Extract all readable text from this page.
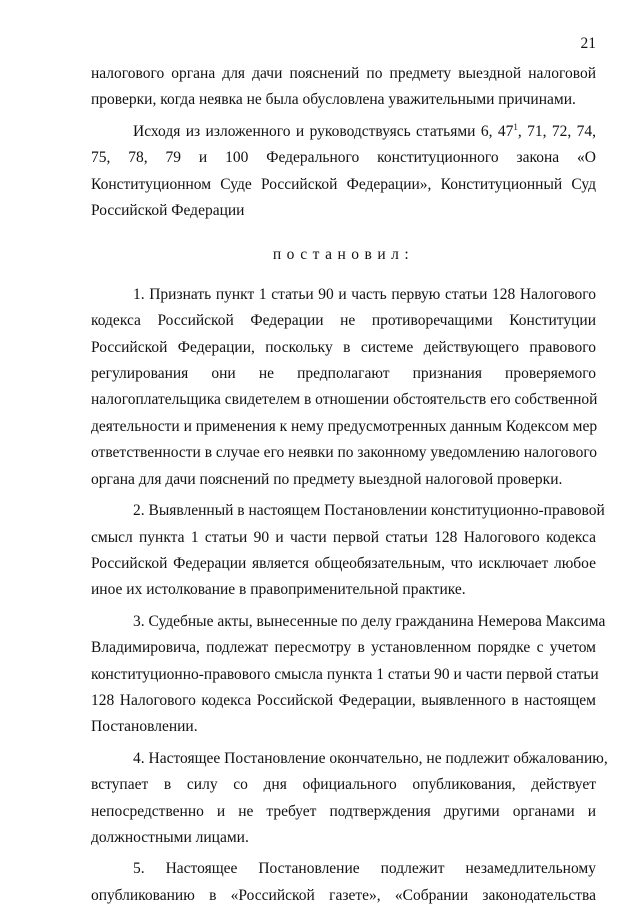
21

налогового органа для дачи пояснений по предмету выездной налоговой
проверки, когда неявка не была обусловлена уважительными причинами.

Исходя из изложенного и руководствуясь статьями 6, $47^1$, 71, 72, 74,
75, 78, 79 и 100 Федерального конституционного закона «О
Конституционном Суде Российской Федерации», Конституционный Суд
Российской Федерации

постановил:

1. Признать пункт 1 статьи 90 и часть первую статьи 128 Налогового
кодекса Российской Федерации не противоречащими Конституции
Российской Федерации, поскольку в системе действующего правового
регулирования они не предполагают признания проверяемого
налогоплательщика свидетелем в отношении обстоятельств его собственной
деятельности и применения к нему предусмотренных данным Кодексом мер
ответственности в случае его неявки по законному уведомлению налогового
органа для дачи пояснений по предмету выездной налоговой проверки.

2. Выявленный в настоящем Постановлении конституционно-правовой
смысл пункта 1 статьи 90 и части первой статьи 128 Налогового кодекса
Российской Федерации является общеобязательным, что исключает любое
иное их истолкование в правоприменительной практике.

3. Судебные акты, вынесенные по делу гражданина Немерова Максима
Владимировича, подлежат пересмотру в установленном порядке с учетом
конституционно-правового смысла пункта 1 статьи 90 и части первой статьи
128 Налогового кодекса Российской Федерации, выявленного в настоящем
Постановлении.

4. Настоящее Постановление окончательно, не подлежит обжалованию,
вступает в силу со дня официального опубликования, действует
непосредственно и не требует подтверждения другими органами и
должностными лицами.

5. Настоящее Постановление подлежит незамедлительному
опубликованию в «Российской газете», «Собрании законодательства
